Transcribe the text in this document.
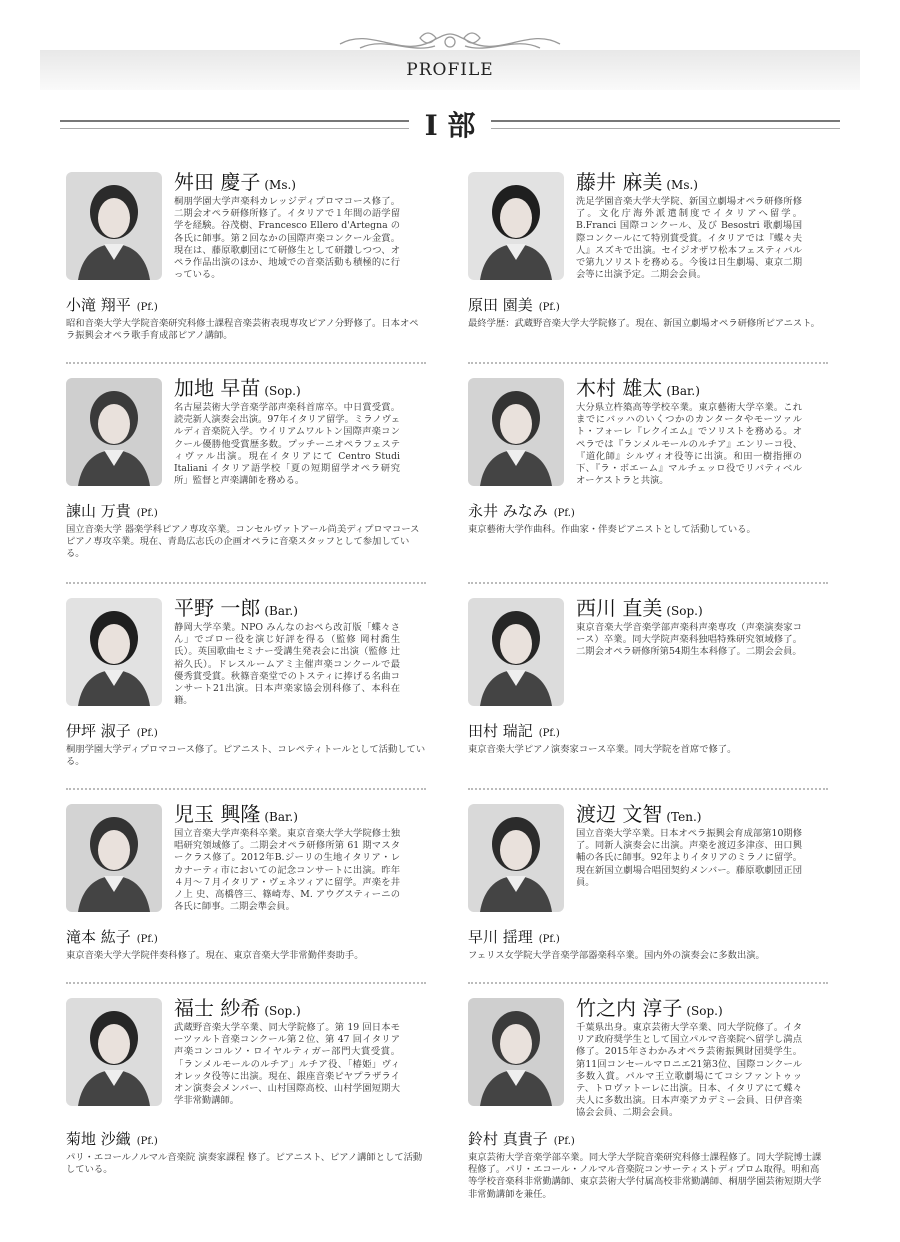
PROFILE
I 部
舛田 慶子 (Ms.)
桐朋学園大学声楽科カレッジディプロマコース修了。二期会オペラ研修所修了。イタリアで１年間の語学留学を経験。谷茂樹、Francesco Ellero d'Artegna の各氏に師事。第２回なかの国際声楽コンクール金賞。現在は、藤原歌劇団にて研修生として研鑽しつつ、オペラ作品出演のほか、地域での音楽活動も積極的に行っている。
小滝 翔平 (Pf.)
昭和音楽大学大学院音楽研究科修士課程音楽芸術表現専攻ピアノ分野修了。日本オペラ振興会オペラ歌手育成部ピアノ講師。
加地 早苗 (Sop.)
名古屋芸術大学音楽学部声楽科首席卒。中日賞受賞。読売新人演奏会出演。97年イタリア留学。ミラノヴェルディ音楽院入学。ウイリアムワルトン国際声楽コンクール優勝他受賞歴多数。プッチーニオペラフェスティヴァル出演。現在イタリアにて Centro Studi Italiani イタリア語学校「夏の短期留学オペラ研究所」監督と声楽講師を務める。
諌山 万貴 (Pf.)
国立音楽大学 器楽学科ピアノ専攻卒業。コンセルヴァトアール尚美ディプロマコースピアノ専攻卒業。現在、青島広志氏の企画オペラに音楽スタッフとして参加している。
平野 一郎 (Bar.)
静岡大学卒業。NPO みんなのおぺら改訂版「蝶々さん」でゴロー役を演じ好評を得る（監修 岡村喬生氏）。英国歌曲セミナー受講生発表会に出演（監修 辻裕久氏）。ドレスルームアミ主催声楽コンクールで最優秀賞受賞。秋篠音楽堂でのトスティに捧げる名曲コンサート21出演。日本声楽家協会別科修了、本科在籍。
伊坪 淑子 (Pf.)
桐朋学園大学ディプロマコース修了。ピアニスト、コレペティトールとして活動している。
児玉 興隆 (Bar.)
国立音楽大学声楽科卒業。東京音楽大学大学院修士独唱研究領域修了。二期会オペラ研修所第 61 期マスタークラス修了。2012年B.ジーリの生地イタリア・レカナーティ市においての記念コンサートに出演。昨年４月～７月イタリア・ヴェネツィアに留学。声楽を井ノ上 史、高橋啓三、篠崎寿、M. アウグスティーニの各氏に師事。二期会準会員。
滝本 紘子 (Pf.)
東京音楽大学大学院伴奏科修了。現在、東京音楽大学非常勤伴奏助手。
福士 紗希 (Sop.)
武蔵野音楽大学卒業、同大学院修了。第 19 回日本モーツァルト音楽コンクール第２位、第 47 回イタリア声楽コンコルソ・ロイヤルティガー部門大賞受賞。「ランメルモールのルチア」ルチア役、「椿姫」ヴィオレッタ役等に出演。現在、銀座音楽ピヤプラザライオン演奏会メンバー、山村国際高校、山村学園短期大学非常勤講師。
菊地 沙織 (Pf.)
パリ・エコールノルマル音楽院 演奏家課程 修了。ピアニスト、ピアノ講師として活動している。
藤井 麻美 (Ms.)
洗足学園音楽大学大学院、新国立劇場オペラ研修所修了。文化庁海外派遣制度でイタリアへ留学。B.Franci 国際コンクール、及び Besostri 歌劇場国際コンクールにて特別賞受賞。イタリアでは『蝶々夫人』スズキで出演。セイジオザワ松本フェスティバルで第九ソリストを務める。今後は日生劇場、東京二期会等に出演予定。二期会会員。
原田 園美 (Pf.)
最終学歴：武蔵野音楽大学大学院修了。現在、新国立劇場オペラ研修所ピアニスト。
木村 雄太 (Bar.)
大分県立杵築高等学校卒業。東京藝術大学卒業。これまでにバッハのいくつかのカンタータやモーツァルト・フォーレ『レクイエム』でソリストを務める。オペラでは『ランメルモールのルチア』エンリーコ役、『道化師』シルヴィオ役等に出演。和田一樹指揮の下、『ラ・ボエーム』マルチェッロ役でリバティベルオーケストラと共演。
永井 みなみ (Pf.)
東京藝術大学作曲科。作曲家・伴奏ピアニストとして活動している。
西川 直美 (Sop.)
東京音楽大学音楽学部声楽科声楽専攻（声楽演奏家コース）卒業。同大学院声楽科独唱特殊研究領域修了。二期会オペラ研修所第54期生本科修了。二期会会員。
田村 瑞記 (Pf.)
東京音楽大学ピアノ演奏家コース卒業。同大学院を首席で修了。
渡辺 文智 (Ten.)
国立音楽大学卒業。日本オペラ振興会育成部第10期修了。同新人演奏会に出演。声楽を渡辺多津彦、田口興輔の各氏に師事。92年よりイタリアのミラノに留学。現在新国立劇場合唱団契約メンバー。藤原歌劇団正団員。
早川 揺理 (Pf.)
フェリス女学院大学音楽学部器楽科卒業。国内外の演奏会に多数出演。
竹之内 淳子 (Sop.)
千葉県出身。東京芸術大学卒業、同大学院修了。イタリア政府奨学生として国立パルマ音楽院へ留学し満点修了。2015年さわかみオペラ芸術振興財団奨学生。第11回コンセールマロニエ21第3位、国際コンクール多数入賞。パルマ王立歌劇場にてコシファントゥッテ、トロヴァトーレに出演。日本、イタリアにて蝶々夫人に多数出演。日本声楽アカデミー会員、日伊音楽協会会員、二期会会員。
鈴村 真貴子 (Pf.)
東京芸術大学音楽学部卒業。同大学大学院音楽研究科修士課程修了。同大学院博士課程修了。パリ・エコール・ノルマル音楽院コンサーティストディプロム取得。明和高等学校音楽科非常勤講師、東京芸術大学付属高校非常勤講師、桐朋学園芸術短期大学非常勤講師を兼任。
